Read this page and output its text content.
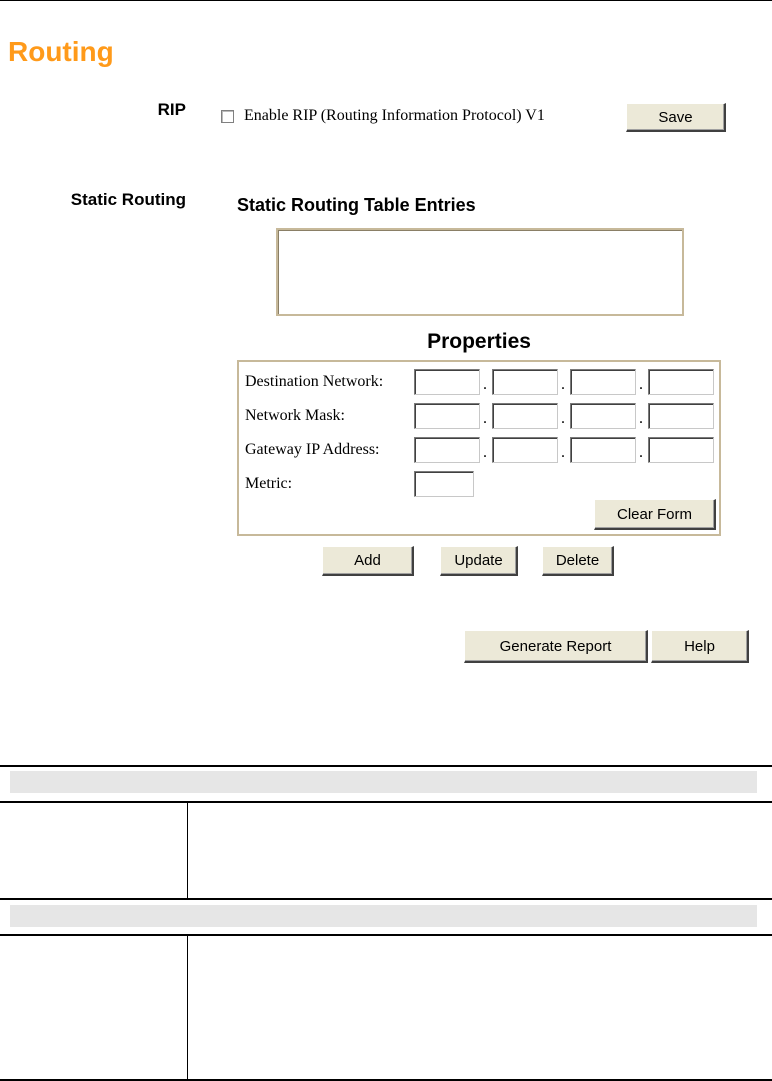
Routing
RIP	Enable RIP (Routing Information Protocol) V1	Save
Static Routing	Static Routing Table Entries
Properties
Destination Network:	.	.	.
Network Mask:	.	.	.
Gateway IP Address:	.	.	.
Metric:
Clear Form
Add	Update	Delete
Generate Report	Help
